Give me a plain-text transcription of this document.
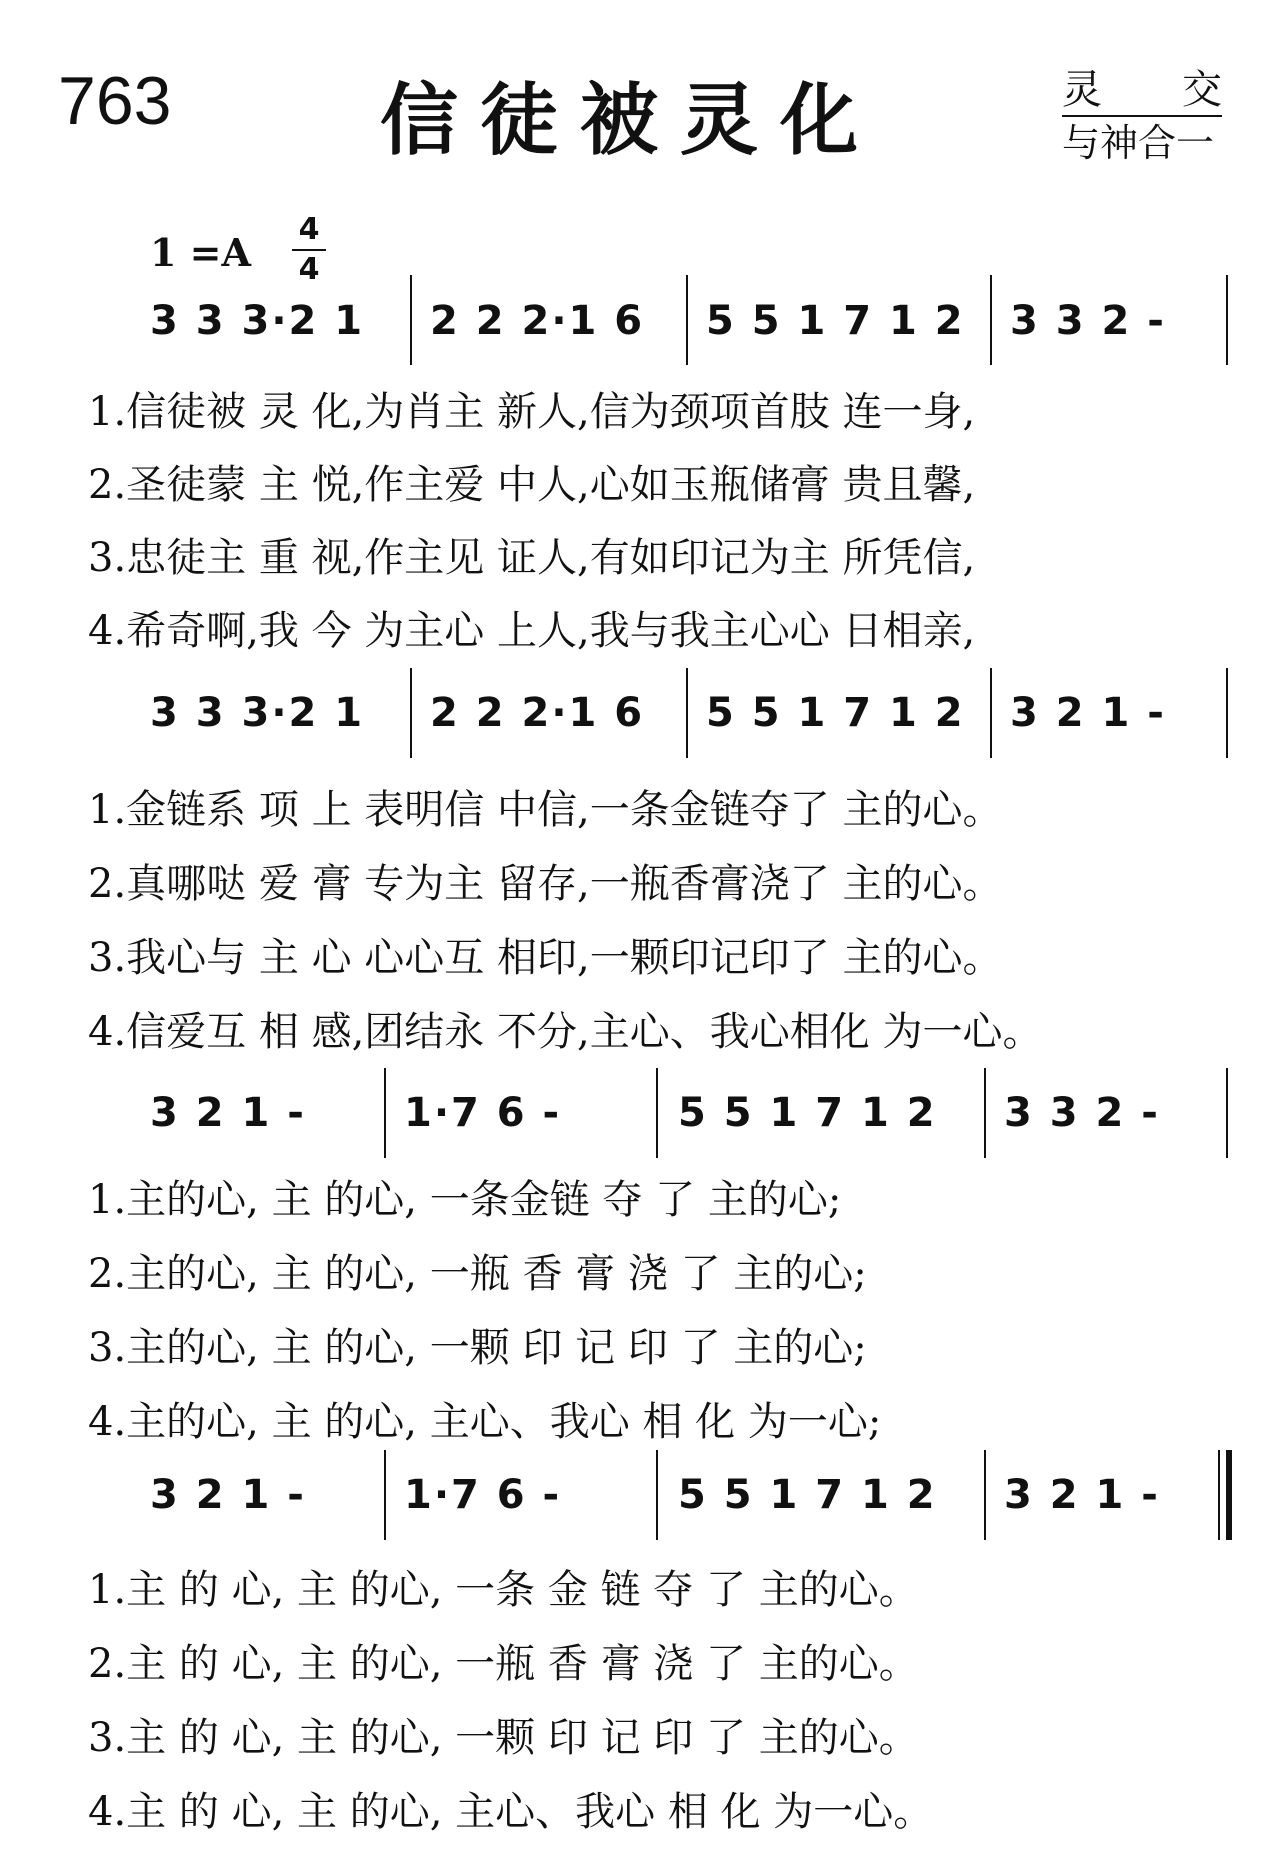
763	信徒被灵化	灵 交
与神合一
1 =A
4
4
3 3 3·2 1 2 2 2·1 6 5 5 1 7 1 2 3 3 2 -
1.信徒被 灵 化,为肖主 新人,信为颈项首肢 连一身,
2.圣徒蒙 主 悦,作主爱 中人,心如玉瓶储膏 贵且馨,
3.忠徒主 重 视,作主见 证人,有如印记为主 所凭信,
4.希奇啊,我 今 为主心 上人,我与我主心心 日相亲,
3 3 3·2 1 2 2 2·1 6 5 5 1 7 1 2 3 2 1 -
1.金链系 项 上 表明信 中信,一条金链夺了 主的心。
2.真哪哒 爱 膏 专为主 留存,一瓶香膏浇了 主的心。
3.我心与 主 心 心心互 相印,一颗印记印了 主的心。
4.信爱互 相 感,团结永 不分,主心、我心相化 为一心。
3 2 1 - 1·7 6 -	5 5 1 7 1 2 3 3 2 -
1.主的心, 主 的心, 一条金链 夺 了 主的心;
2.主的心, 主 的心, 一瓶 香 膏 浇 了 主的心;
3.主的心, 主 的心, 一颗 印 记 印 了 主的心;
4.主的心, 主 的心, 主心、我心 相 化 为一心;
3 2 1 - 1·7 6 -	5 5 1 7 1 2 3 2 1 -
1.主 的 心, 主 的心, 一条 金 链 夺 了 主的心。
2.主 的 心, 主 的心, 一瓶 香 膏 浇 了 主的心。
3.主 的 心, 主 的心, 一颗 印 记 印 了 主的心。
4.主 的 心, 主 的心, 主心、我心 相 化 为一心。
